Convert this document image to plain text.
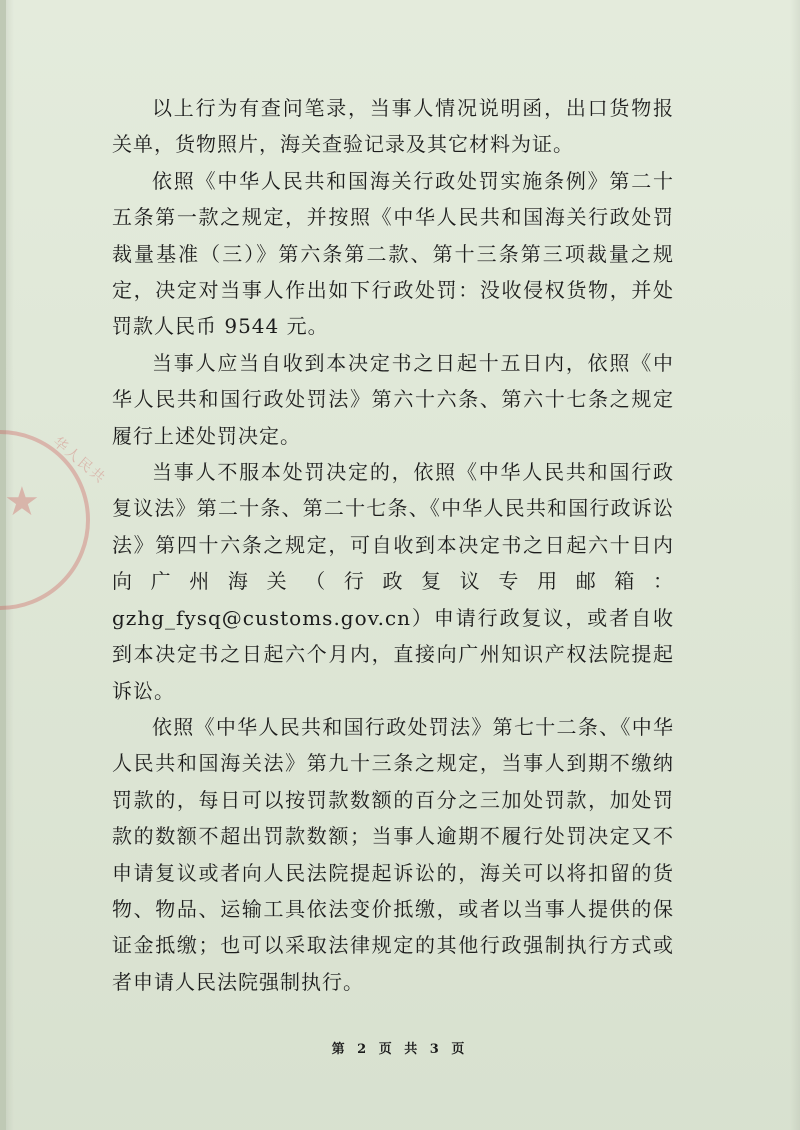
★
华人民共

以上行为有查问笔录，当事人情况说明函，出口货物报关单，货物照片，海关查验记录及其它材料为证。

依照《中华人民共和国海关行政处罚实施条例》第二十五条第一款之规定，并按照《中华人民共和国海关行政处罚裁量基准（三）》第六条第二款、第十三条第三项裁量之规定，决定对当事人作出如下行政处罚：没收侵权货物，并处罚款人民币 9544 元。

当事人应当自收到本决定书之日起十五日内，依照《中华人民共和国行政处罚法》第六十六条、第六十七条之规定履行上述处罚决定。

当事人不服本处罚决定的，依照《中华人民共和国行政复议法》第二十条、第二十七条、《中华人民共和国行政诉讼法》第四十六条之规定，可自收到本决定书之日起六十日内向广州海关（行政复议专用邮箱：gzhg_fysq@customs.gov.cn）申请行政复议，或者自收到本决定书之日起六个月内，直接向广州知识产权法院提起诉讼。

依照《中华人民共和国行政处罚法》第七十二条、《中华人民共和国海关法》第九十三条之规定，当事人到期不缴纳罚款的，每日可以按罚款数额的百分之三加处罚款，加处罚款的数额不超出罚款数额；当事人逾期不履行处罚决定又不申请复议或者向人民法院提起诉讼的，海关可以将扣留的货物、物品、运输工具依法变价抵缴，或者以当事人提供的保证金抵缴；也可以采取法律规定的其他行政强制执行方式或者申请人民法院强制执行。

第 2 页 共 3 页
